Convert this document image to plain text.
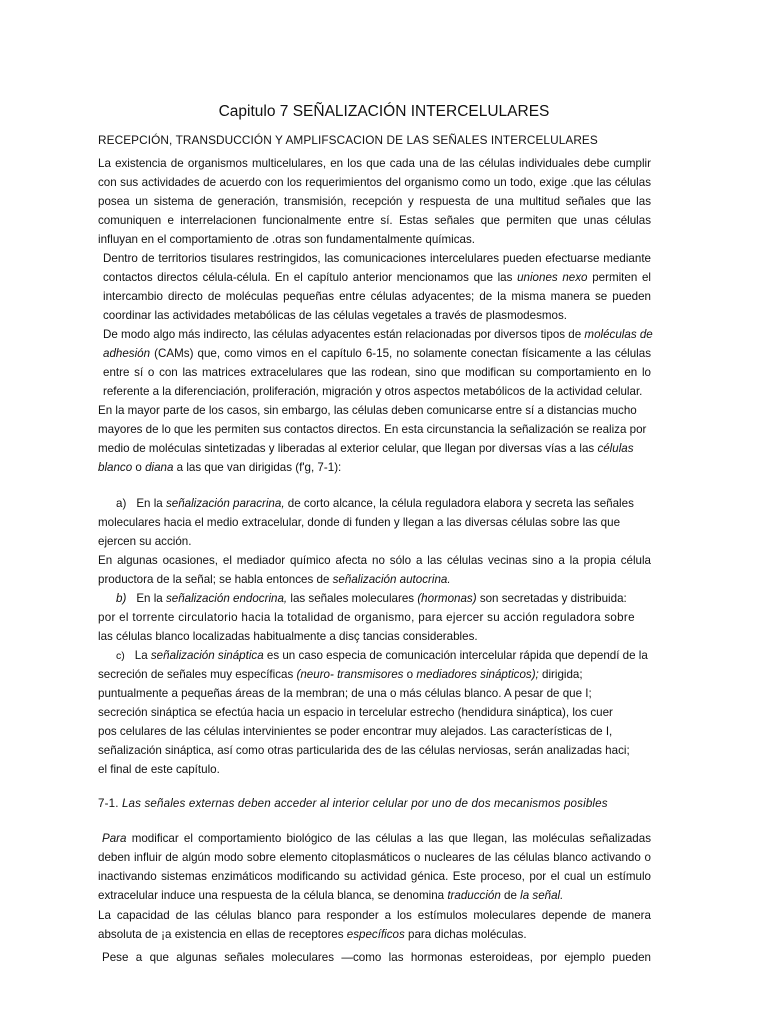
Capitulo 7 SEÑALIZACIÓN INTERCELULARES
RECEPCIÓN, TRANSDUCCIÓN Y AMPLIFSCACION DE LAS SEÑALES INTERCELULARES
La existencia de organismos multicelulares, en los que cada una de las células individuales debe cumplir
con sus actividades de acuerdo con los requerimientos del organismo como un todo, exige .que las células
posea un sistema de generación, transmisión, recepción y respuesta de una multitud señales que las
comuniquen e interrelacionen funcionalmente entre sí. Estas señales que permiten que unas células
influyan en el comportamiento de .otras son fundamentalmente químicas.
Dentro de territorios tisulares restringidos, las comunicaciones intercelulares pueden efectuarse mediante
contactos directos célula-célula. En el capítulo anterior mencionamos que las uniones nexo permiten el
intercambio directo de moléculas pequeñas entre células adyacentes; de la misma manera se pueden
coordinar las actividades metabólicas de las células vegetales a través de plasmodesmos.
De modo algo más indirecto, las células adyacentes están relacionadas por diversos tipos de moléculas de
adhesión (CAMs) que, como vimos en el capítulo 6-15, no solamente conectan físicamente a las células
entre sí o con las matrices extracelulares que las rodean, sino que modifican su comportamiento en lo
referente a la diferenciación, proliferación, migración y otros aspectos metabólicos de la actividad celular.
En la mayor parte de los casos, sin embargo, las células deben comunicarse entre sí a distancias mucho
mayores de lo que les permiten sus contactos directos. En esta circunstancia la señalización se realiza por
medio de moléculas sintetizadas y liberadas al exterior celular, que llegan por diversas vías a las células
blanco o diana a las que van dirigidas (f'g, 7-1):
a) En la señalización paracrina, de corto alcance, la célula reguladora elabora y secreta las señales
moleculares hacia el medio extracelular, donde di funden y llegan a las diversas células sobre las que
ejercen su acción.
En algunas ocasiones, el mediador químico afecta no sólo a las células vecinas sino a la propia célula
productora de la señal; se habla entonces de señalización autocrina.
b) En la señalización endocrina, las señales moleculares (hormonas) son secretadas y distribuida:
por el torrente circulatorio hacia la totalidad de organismo, para ejercer su acción reguladora sobre
las células blanco localizadas habitualmente a disç tancias considerables.
c) La señalización sináptica es un caso especia de comunicación intercelular rápida que dependí de la
secreción de señales muy específicas (neuro- transmisores o mediadores sinápticos); dirigida;
puntualmente a pequeñas áreas de la membran; de una o más células blanco. A pesar de que I;
secreción sináptica se efectúa hacia un espacio in tercelular estrecho (hendidura sináptica), los cuer
pos celulares de las células intervinientes se poder encontrar muy alejados. Las características de I,
señalización sináptica, así como otras particularida des de las células nerviosas, serán analizadas haci;
el final de este capítulo.
7-1. Las señales externas deben acceder al interior celular por uno de dos mecanismos posibles
Para modificar el comportamiento biológico de las células a las que llegan, las moléculas señalizadas
deben influir de algún modo sobre elemento citoplasmáticos o nucleares de las células blanco activando o
inactivando sistemas enzimáticos modificando su actividad génica. Este proceso, por el cual un estímulo
extracelular induce una respuesta de la célula blanca, se denomina traducción de la señal.
La capacidad de las células blanco para responder a los estímulos moleculares depende de manera
absoluta de ¡a existencia en ellas de receptores específicos para dichas moléculas.
Pese a que algunas señales moleculares —como las hormonas esteroideas, por ejemplo pueden
